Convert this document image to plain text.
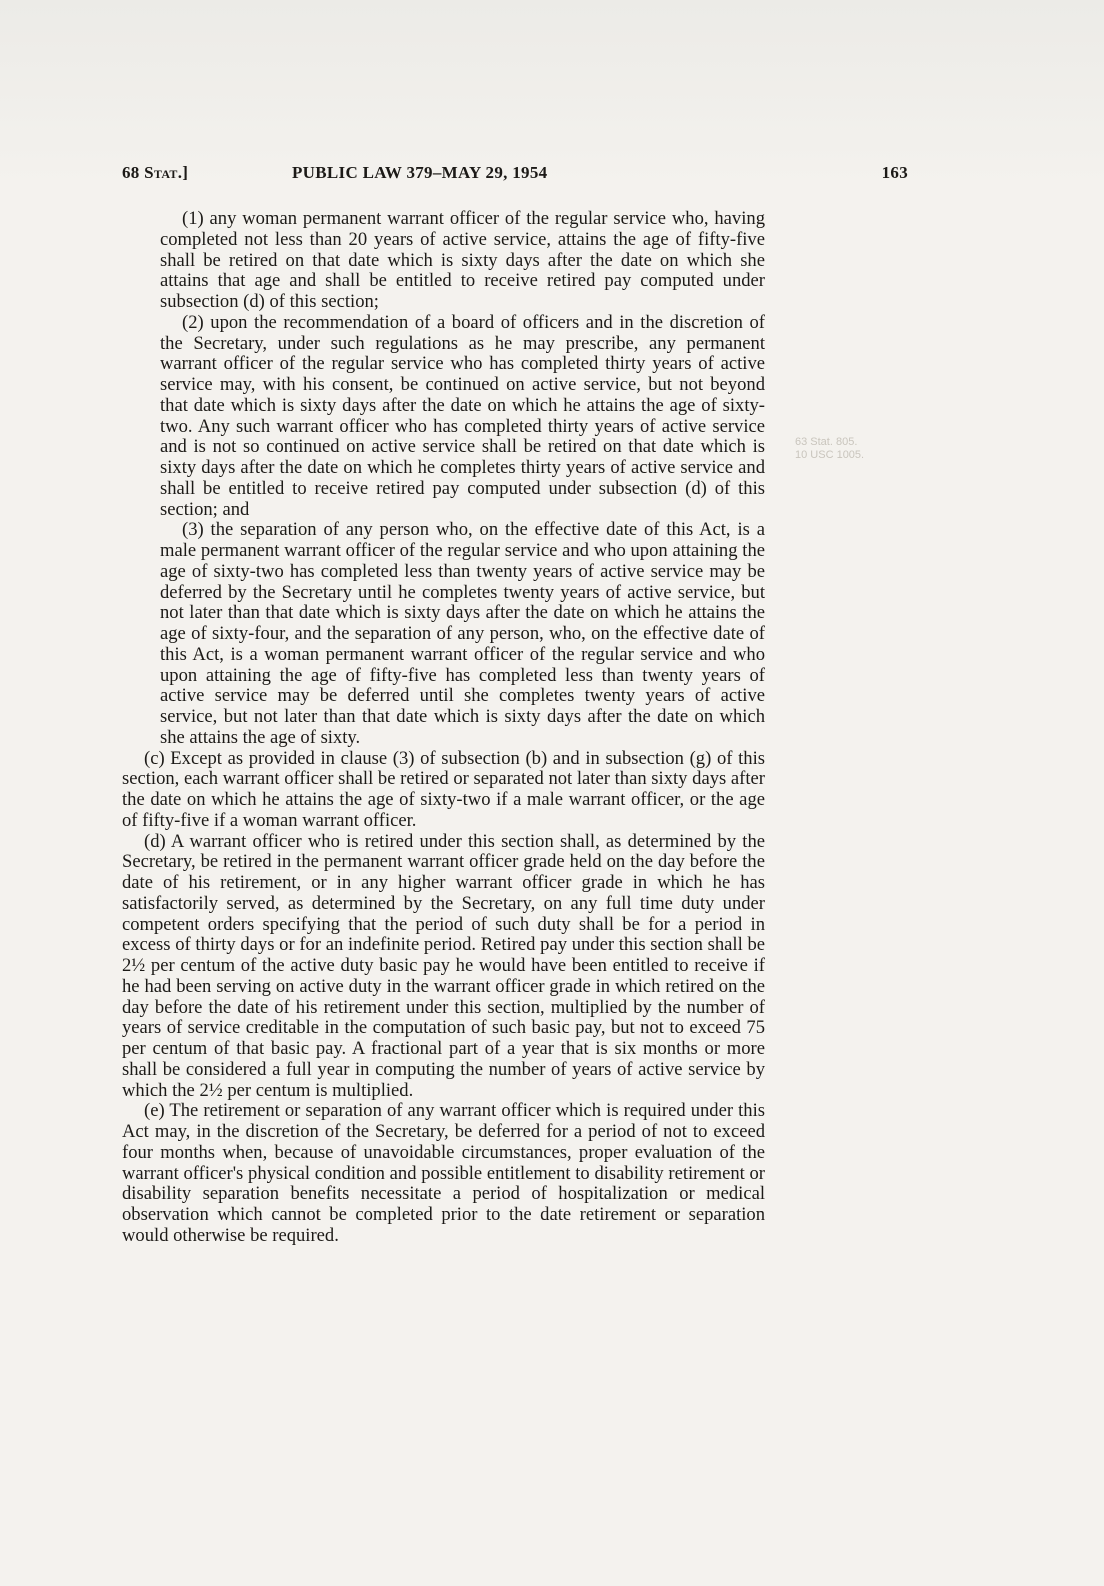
68 Stat.]	PUBLIC LAW 379–MAY 29, 1954	163
63 Stat. 805.
10 USC 1005.

(1) any woman permanent warrant officer of the regular service who, having completed not less than 20 years of active service, attains the age of fifty-five shall be retired on that date which is sixty days after the date on which she attains that age and shall be entitled to receive retired pay computed under subsection (d) of this section;

(2) upon the recommendation of a board of officers and in the discretion of the Secretary, under such regulations as he may prescribe, any permanent warrant officer of the regular service who has completed thirty years of active service may, with his consent, be continued on active service, but not beyond that date which is sixty days after the date on which he attains the age of sixty-two. Any such warrant officer who has completed thirty years of active service and is not so continued on active service shall be retired on that date which is sixty days after the date on which he completes thirty years of active service and shall be entitled to receive retired pay computed under subsection (d) of this section; and

(3) the separation of any person who, on the effective date of this Act, is a male permanent warrant officer of the regular service and who upon attaining the age of sixty-two has completed less than twenty years of active service may be deferred by the Secretary until he completes twenty years of active service, but not later than that date which is sixty days after the date on which he attains the age of sixty-four, and the separation of any person, who, on the effective date of this Act, is a woman permanent warrant officer of the regular service and who upon attaining the age of fifty-five has completed less than twenty years of active service may be deferred until she completes twenty years of active service, but not later than that date which is sixty days after the date on which she attains the age of sixty.

(c) Except as provided in clause (3) of subsection (b) and in subsection (g) of this section, each warrant officer shall be retired or separated not later than sixty days after the date on which he attains the age of sixty-two if a male warrant officer, or the age of fifty-five if a woman warrant officer.

(d) A warrant officer who is retired under this section shall, as determined by the Secretary, be retired in the permanent warrant officer grade held on the day before the date of his retirement, or in any higher warrant officer grade in which he has satisfactorily served, as determined by the Secretary, on any full time duty under competent orders specifying that the period of such duty shall be for a period in excess of thirty days or for an indefinite period. Retired pay under this section shall be 2½ per centum of the active duty basic pay he would have been entitled to receive if he had been serving on active duty in the warrant officer grade in which retired on the day before the date of his retirement under this section, multiplied by the number of years of service creditable in the computation of such basic pay, but not to exceed 75 per centum of that basic pay. A fractional part of a year that is six months or more shall be considered a full year in computing the number of years of active service by which the 2½ per centum is multiplied.

(e) The retirement or separation of any warrant officer which is required under this Act may, in the discretion of the Secretary, be deferred for a period of not to exceed four months when, because of unavoidable circumstances, proper evaluation of the warrant officer's physical condition and possible entitlement to disability retirement or disability separation benefits necessitate a period of hospitalization or medical observation which cannot be completed prior to the date retirement or separation would otherwise be required.
